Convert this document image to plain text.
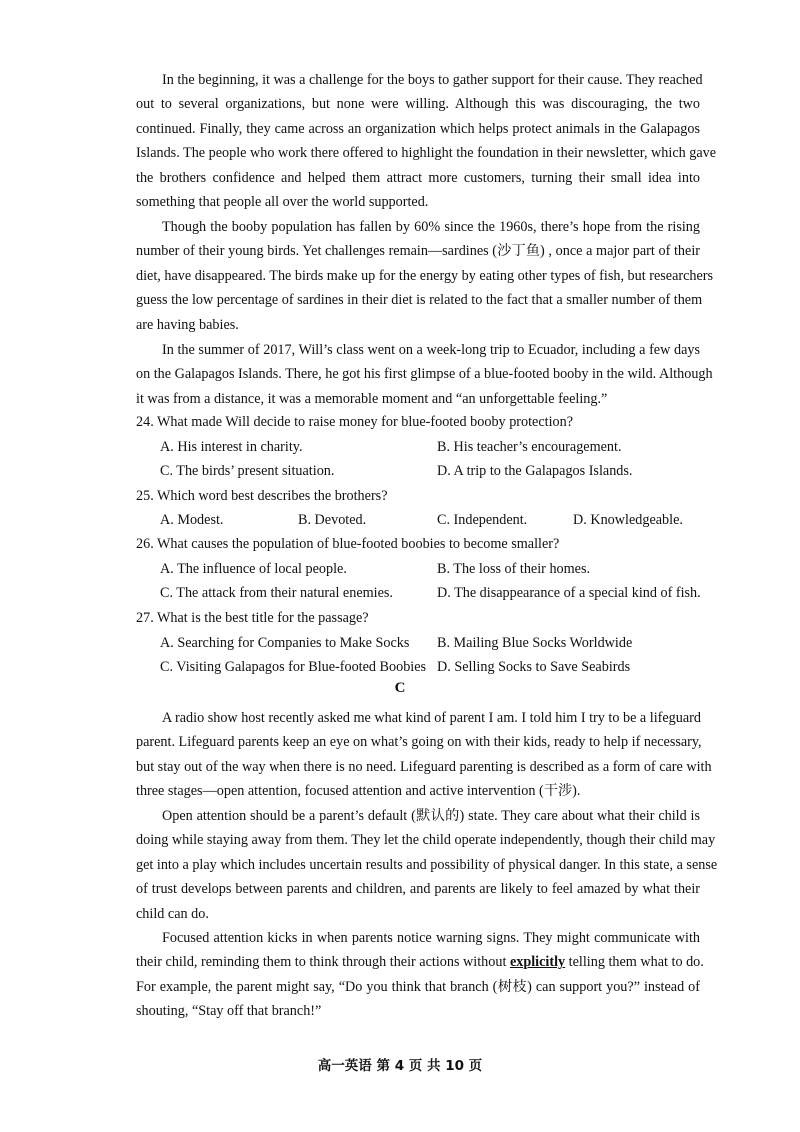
In the beginning, it was a challenge for the boys to gather support for their cause. They reached
out to several organizations, but none were willing. Although this was discouraging, the two
continued. Finally, they came across an organization which helps protect animals in the Galapagos
Islands. The people who work there offered to highlight the foundation in their newsletter, which gave
the brothers confidence and helped them attract more customers, turning their small idea into
something that people all over the world supported.
Though the booby population has fallen by 60% since the 1960s, there’s hope from the rising
number of their young birds. Yet challenges remain—sardines (沙丁鱼) , once a major part of their
diet, have disappeared. The birds make up for the energy by eating other types of fish, but researchers
guess the low percentage of sardines in their diet is related to the fact that a smaller number of them
are having babies.
In the summer of 2017, Will’s class went on a week-long trip to Ecuador, including a few days
on the Galapagos Islands. There, he got his first glimpse of a blue-footed booby in the wild. Although
it was from a distance, it was a memorable moment and “an unforgettable feeling.”

24. What made Will decide to raise money for blue-footed booby protection?

A. His interest in charity.	B. His teacher’s encouragement.
C. The birds’ present situation.	D. A trip to the Galapagos Islands.

25. Which word best describes the brothers?

A. Modest.	B. Devoted.	C. Independent.	D. Knowledgeable.

26. What causes the population of blue-footed boobies to become smaller?

A. The influence of local people.	B. The loss of their homes.
C. The attack from their natural enemies.	D. The disappearance of a special kind of fish.

27. What is the best title for the passage?

A. Searching for Companies to Make Socks B. Mailing Blue Socks Worldwide
C. Visiting Galapagos for Blue-footed Boobies D. Selling Socks to Save Seabirds
C
A radio show host recently asked me what kind of parent I am. I told him I try to be a lifeguard
parent. Lifeguard parents keep an eye on what’s going on with their kids, ready to help if necessary,
but stay out of the way when there is no need. Lifeguard parenting is described as a form of care with
three stages—open attention, focused attention and active intervention (干涉).
Open attention should be a parent’s default (默认的) state. They care about what their child is
doing while staying away from them. They let the child operate independently, though their child may
get into a play which includes uncertain results and possibility of physical danger. In this state, a sense
of trust develops between parents and children, and parents are likely to feel amazed by what their
child can do.
Focused attention kicks in when parents notice warning signs. They might communicate with
their child, reminding them to think through their actions without explicitly telling them what to do.
For example, the parent might say, “Do you think that branch (树枝) can support you?” instead of
shouting, “Stay off that branch!”
高一英语 第 4 页 共 10 页
